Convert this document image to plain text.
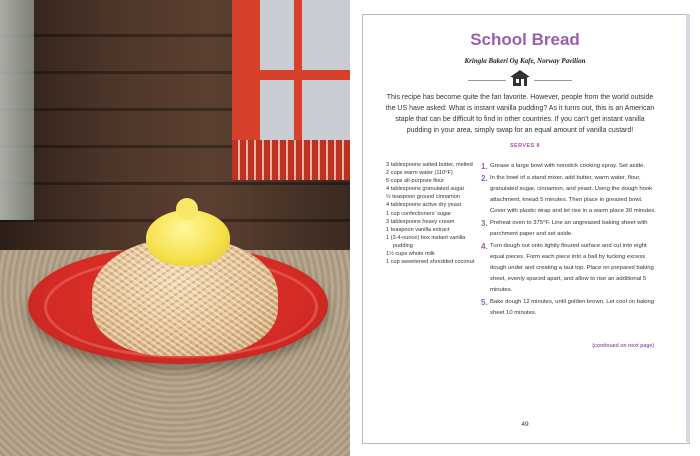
School Bread
Kringla Bakeri Og Kafe, Norway Pavilion
This recipe has become quite the fan favorite. However, people from the world outside the US have asked: What is instant vanilla pudding? As it turns out, this is an American staple that can be difficult to find in other countries. If you can’t get instant vanilla pudding in your area, simply swap for an equal amount of vanilla custard!
SERVES 8
3 tablespoons salted butter, melted
2 cups warm water (110°F)
5 cups all-purpose flour
4 tablespoons granulated sugar
½ teaspoon ground cinnamon
4 tablespoons active dry yeast
1 cup confectioners’ sugar
3 tablespoons heavy cream
1 teaspoon vanilla extract
1 (3.4-ounce) box instant vanilla pudding
1½ cups whole milk
1 cup sweetened shredded coconut
1. Grease a large bowl with nonstick cooking spray. Set aside.
2. In the bowl of a stand mixer, add butter, warm water, flour, granulated sugar, cinnamon, and yeast. Using the dough hook attachment, knead 5 minutes. Then place in greased bowl. Cover with plastic wrap and let rise in a warm place 30 minutes.
3. Preheat oven to 375°F. Line an ungreased baking sheet with parchment paper and set aside.
4. Turn dough out onto lightly floured surface and cut into eight equal pieces. Form each piece into a ball by tucking excess dough under and creating a taut top. Place on prepared baking sheet, evenly spaced apart, and allow to rise an additional 5 minutes.
5. Bake dough 12 minutes, until golden brown. Let cool on baking sheet 10 minutes.
(continued on next page)
49
